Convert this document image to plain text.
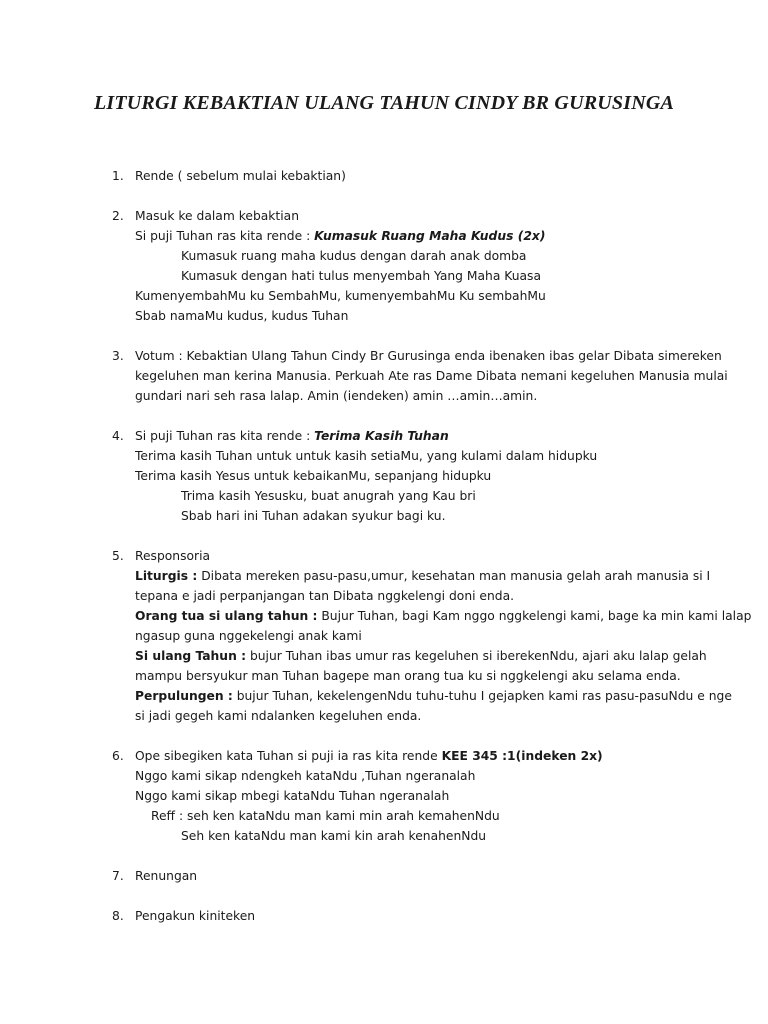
LITURGI KEBAKTIAN ULANG TAHUN CINDY BR GURUSINGA
1. Rende ( sebelum mulai kebaktian)
2. Masuk ke dalam kebaktian
Si puji Tuhan ras kita rende : Kumasuk Ruang Maha Kudus (2x)
Kumasuk ruang maha kudus dengan darah anak domba
Kumasuk dengan hati tulus menyembah Yang Maha Kuasa
KumenyembahMu ku SembahMu, kumenyembahMu Ku sembahMu
Sbab namaMu kudus, kudus Tuhan
3. Votum : Kebaktian Ulang Tahun Cindy Br Gurusinga enda ibenaken ibas gelar Dibata simereken
kegeluhen man kerina Manusia. Perkuah Ate ras Dame Dibata nemani kegeluhen Manusia mulai
gundari nari seh rasa lalap. Amin (iendeken) amin …amin…amin.
4. Si puji Tuhan ras kita rende : Terima Kasih Tuhan
Terima kasih Tuhan untuk untuk kasih setiaMu, yang kulami dalam hidupku
Terima kasih Yesus untuk kebaikanMu, sepanjang hidupku
Trima kasih Yesusku, buat anugrah yang Kau bri
Sbab hari ini Tuhan adakan syukur bagi ku.
5. Responsoria
Liturgis : Dibata mereken pasu-pasu,umur, kesehatan man manusia gelah arah manusia si I
tepana e jadi perpanjangan tan Dibata nggkelengi doni enda.
Orang tua si ulang tahun : Bujur Tuhan, bagi Kam nggo nggkelengi kami, bage ka min kami lalap
ngasup guna nggekelengi anak kami
Si ulang Tahun : bujur Tuhan ibas umur ras kegeluhen si iberekenNdu, ajari aku lalap gelah
mampu bersyukur man Tuhan bagepe man orang tua ku si nggkelengi aku selama enda.
Perpulungen : bujur Tuhan, kekelengenNdu tuhu-tuhu I gejapken kami ras pasu-pasuNdu e nge
si jadi gegeh kami ndalanken kegeluhen enda.
6. Ope sibegiken kata Tuhan si puji ia ras kita rende KEE 345 :1(indeken 2x)
Nggo kami sikap ndengkeh kataNdu ,Tuhan ngeranalah
Nggo kami sikap mbegi kataNdu Tuhan ngeranalah
Reff : seh ken kataNdu man kami min arah kemahenNdu
Seh ken kataNdu man kami kin arah kenahenNdu
7. Renungan
8. Pengakun kiniteken
